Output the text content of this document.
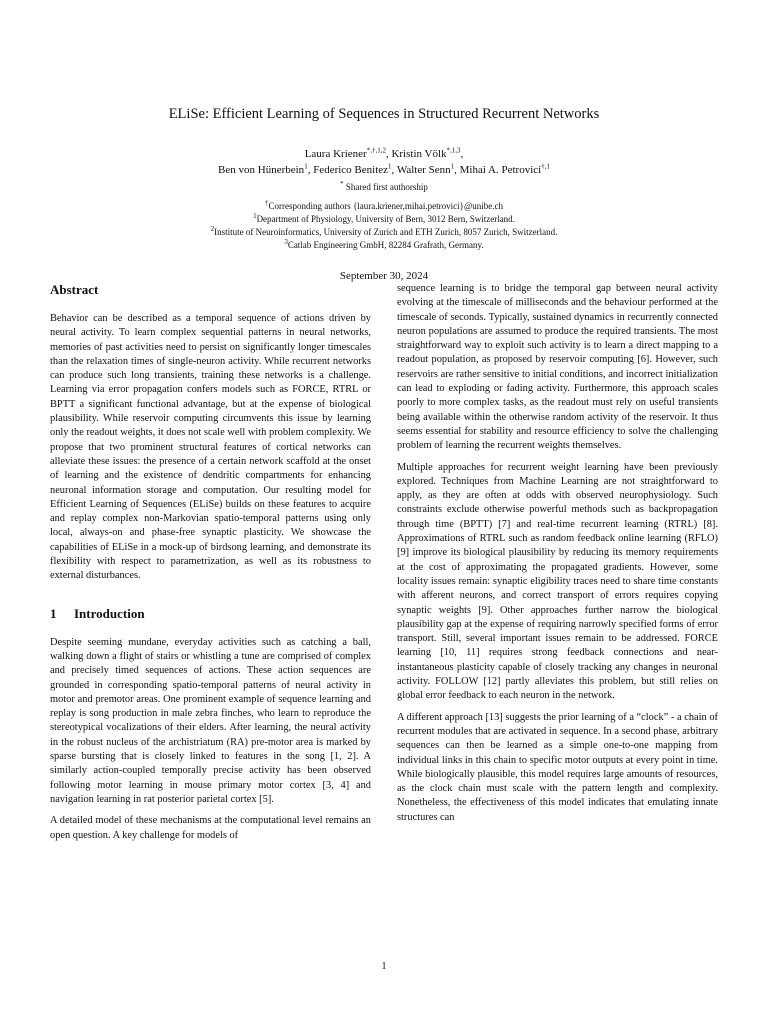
ELiSe: Efficient Learning of Sequences in Structured Recurrent Networks
Laura Kriener$^{*,\dagger,1,2}$, Kristin Völk$^{*,1,3}$,
Ben von Hünerbein$^1$, Federico Benitez$^1$, Walter Senn$^1$, Mihai A. Petrovici$^{\dagger,1}$
* Shared first authorship
†Corresponding authors {laura.kriener,mihai.petrovici}@unibe.ch
$^1$Department of Physiology, University of Bern, 3012 Bern, Switzerland.
$^2$Institute of Neuroinformatics, University of Zurich and ETH Zurich, 8057 Zurich, Switzerland.
$^3$Catlab Engineering GmbH, 82284 Grafrath, Germany.
September 30, 2024
Abstract

Behavior can be described as a temporal sequence of actions driven by neural activity. To learn complex sequential patterns in neural networks, memories of past activities need to persist on significantly longer timescales than the relaxation times of single-neuron activity. While recurrent networks can produce such long transients, training these networks is a challenge. Learning via error propagation confers models such as FORCE, RTRL or BPTT a significant functional advantage, but at the expense of biological plausibility. While reservoir computing circumvents this issue by learning only the readout weights, it does not scale well with problem complexity. We propose that two prominent structural features of cortical networks can alleviate these issues: the presence of a certain network scaffold at the onset of learning and the existence of dendritic compartments for enhancing neuronal information storage and computation. Our resulting model for Efficient Learning of Sequences (ELiSe) builds on these features to acquire and replay complex non-Markovian spatio-temporal patterns using only local, always-on and phase-free synaptic plasticity. We showcase the capabilities of ELiSe in a mock-up of birdsong learning, and demonstrate its flexibility with respect to parametrization, as well as its robustness to external disturbances.

1 Introduction

Despite seeming mundane, everyday activities such as catching a ball, walking down a flight of stairs or whistling a tune are comprised of complex and precisely timed sequences of actions. These action sequences are grounded in corresponding spatio-temporal patterns of neural activity in motor and premotor areas. One prominent example of sequence learning and replay is song production in male zebra finches, who learn to reproduce the stereotypical vocalizations of their elders. After learning, the neural activity in the robust nucleus of the archistriatum (RA) pre-motor area is marked by sparse bursting that is closely linked to features in the song [1, 2]. A similarly action-coupled temporally precise activity has been observed following motor learning in mouse primary motor cortex [3, 4] and navigation learning in rat posterior parietal cortex [5].

A detailed model of these mechanisms at the computational level remains an open question. A key challenge for models of

sequence learning is to bridge the temporal gap between neural activity evolving at the timescale of milliseconds and the behaviour performed at the timescale of seconds. Typically, sustained dynamics in recurrently connected neuron populations are assumed to produce the required transients. The most straightforward way to exploit such activity is to learn a direct mapping to a readout population, as proposed by reservoir computing [6]. However, such reservoirs are rather sensitive to initial conditions, and incorrect initialization can lead to exploding or fading activity. Furthermore, this approach scales poorly to more complex tasks, as the readout must rely on useful transients being available within the otherwise random activity of the reservoir. It thus seems essential for stability and resource efficiency to solve the challenging problem of learning the recurrent weights themselves.

Multiple approaches for recurrent weight learning have been previously explored. Techniques from Machine Learning are not straightforward to apply, as they are often at odds with observed neurophysiology. Such constraints exclude otherwise powerful methods such as backpropagation through time (BPTT) [7] and real-time recurrent learning (RTRL) [8]. Approximations of RTRL such as random feedback online learning (RFLO) [9] improve its biological plausibility by reducing its memory requirements at the cost of approximating the propagated gradients. However, some locality issues remain: synaptic eligibility traces need to share time constants with afferent neurons, and correct transport of errors requires copying synaptic weights [9]. Other approaches further narrow the biological plausibility gap at the expense of requiring narrowly specified forms of error transport. Still, several important issues remain to be addressed. FORCE learning [10, 11] requires strong feedback connections and near-instantaneous plasticity capable of closely tracking any changes in neuronal activity. FOLLOW [12] partly alleviates this problem, but still relies on global error feedback to each neuron in the network.

A different approach [13] suggests the prior learning of a “clock” - a chain of recurrent modules that are activated in sequence. In a second phase, arbitrary sequences can then be learned as a simple one-to-one mapping from individual links in this chain to specific motor outputs at every point in time. While biologically plausible, this model requires large amounts of resources, as the clock chain must scale with the pattern length and complexity. Nonetheless, the effectiveness of this model indicates that emulating innate structures can

1
